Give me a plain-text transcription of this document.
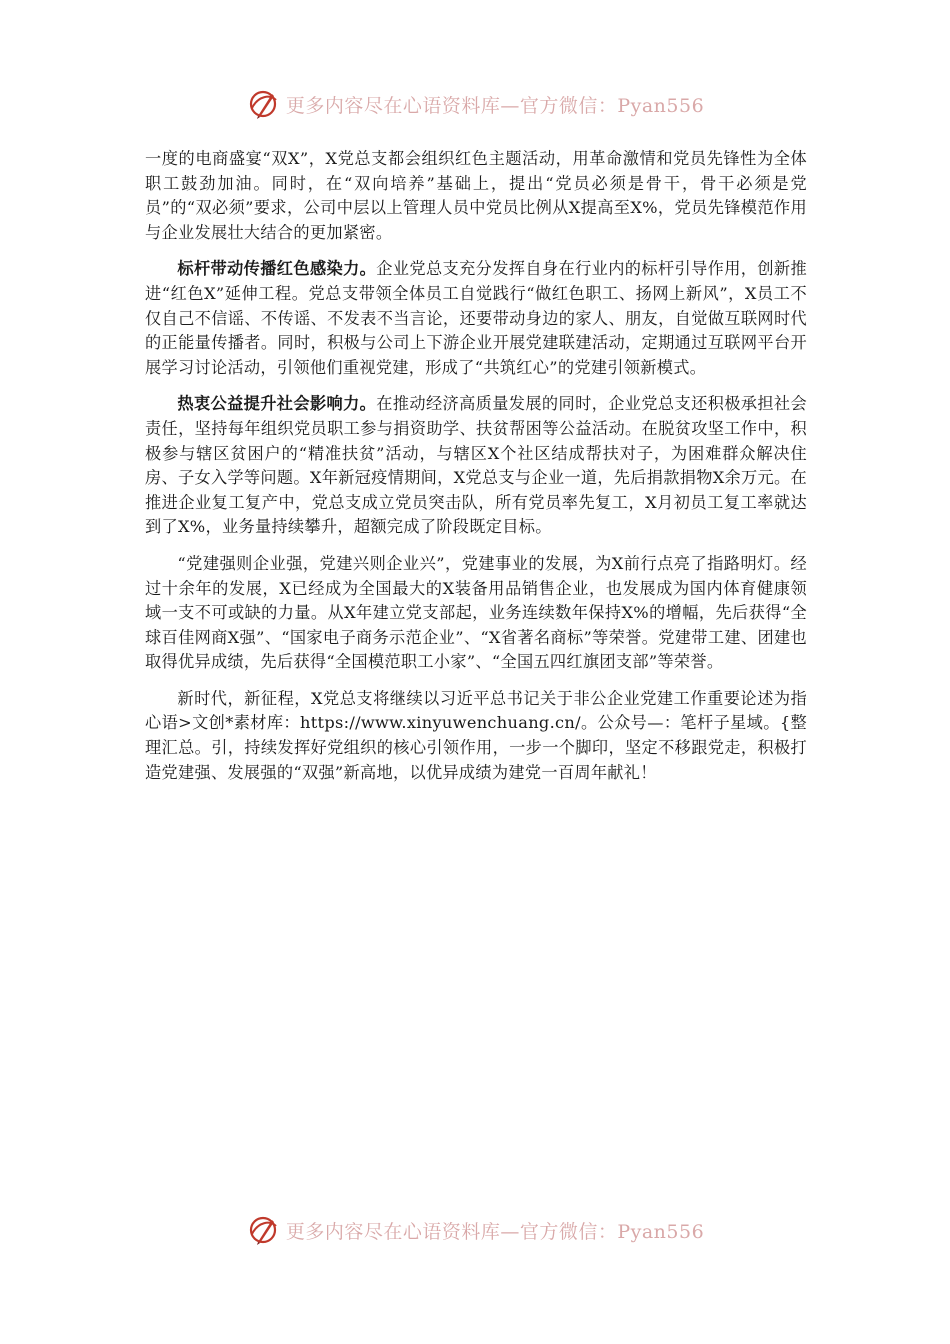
更多内容尽在心语资料库—官方微信：Pyan556

一度的电商盛宴“双X”，X党总支都会组织红色主题活动，用革命激情和党员先锋性为全体职工鼓劲加油。同时，在“双向培养”基础上，提出“党员必须是骨干，骨干必须是党员”的“双必须”要求，公司中层以上管理人员中党员比例从X提高至X%，党员先锋模范作用与企业发展壮大结合的更加紧密。

标杆带动传播红色感染力。企业党总支充分发挥自身在行业内的标杆引导作用，创新推进“红色X”延伸工程。党总支带领全体员工自觉践行“做红色职工、扬网上新风”，X员工不仅自己不信谣、不传谣、不发表不当言论，还要带动身边的家人、朋友，自觉做互联网时代的正能量传播者。同时，积极与公司上下游企业开展党建联建活动，定期通过互联网平台开展学习讨论活动，引领他们重视党建，形成了“共筑红心”的党建引领新模式。

热衷公益提升社会影响力。在推动经济高质量发展的同时，企业党总支还积极承担社会责任，坚持每年组织党员职工参与捐资助学、扶贫帮困等公益活动。在脱贫攻坚工作中，积极参与辖区贫困户的“精准扶贫”活动，与辖区X个社区结成帮扶对子，为困难群众解决住房、子女入学等问题。X年新冠疫情期间，X党总支与企业一道，先后捐款捐物X余万元。在推进企业复工复产中，党总支成立党员突击队，所有党员率先复工，X月初员工复工率就达到了X%，业务量持续攀升，超额完成了阶段既定目标。

“党建强则企业强，党建兴则企业兴”，党建事业的发展，为X前行点亮了指路明灯。经过十余年的发展，X已经成为全国最大的X装备用品销售企业，也发展成为国内体育健康领域一支不可或缺的力量。从X年建立党支部起，业务连续数年保持X%的增幅，先后获得“全球百佳网商X强”、“国家电子商务示范企业”、“X省著名商标”等荣誉。党建带工建、团建也取得优异成绩，先后获得“全国模范职工小家”、“全国五四红旗团支部”等荣誉。

新时代，新征程，X党总支将继续以习近平总书记关于非公企业党建工作重要论述为指心语>文创*素材库：https://www.xinyuwenchuang.cn/。公众号—：笔杆子星域。{整理汇总。引，持续发挥好党组织的核心引领作用，一步一个脚印，坚定不移跟党走，积极打造党建强、发展强的“双强”新高地，以优异成绩为建党一百周年献礼！

更多内容尽在心语资料库—官方微信：Pyan556
